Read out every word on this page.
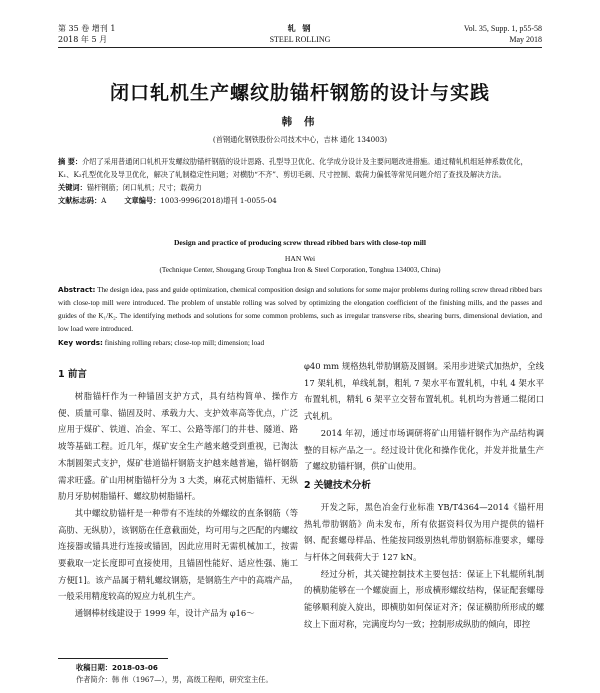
第 35 卷 增刊 1
2018 年 5 月
轧 钢
STEEL ROLLING
Vol. 35, Supp. 1, p55-58
May 2018
闭口轧机生产螺纹肋锚杆钢筋的设计与实践
韩 伟
(首钢通化钢铁股份公司技术中心，吉林 通化 134003)
摘 要：介绍了采用普通闭口轧机开发螺纹肋锚杆钢筋的设计思路、孔型导卫优化、化学成分设计及主要问题改进措施。通过精轧机组延伸系数优化，K₁、K₂孔型优化及导卫优化，解决了轧制稳定性问题；对横肋“不齐”、剪切毛刺、尺寸控制、载荷力偏低等常见问题介绍了查找及解决方法。
关键词：锚杆钢筋；闭口轧机；尺寸；载荷力
文献标志码：A	文章编号：1003-9996(2018)增刊 1-0055-04
Design and practice of producing screw thread ribbed bars with close-top mill
HAN Wei
(Technique Center, Shougang Group Tonghua Iron & Steel Corporation, Tonghua 134003, China)

Abstract: The design idea, pass and guide optimization, chemical composition design and solutions for some major problems during rolling screw thread ribbed bars with close-top mill were introduced. The problem of unstable rolling was solved by optimizing the elongation coefficient of the finishing mills, and the passes and guides of the K₁/K₂. The identifying methods and solutions for some common problems, such as irregular transverse ribs, shearing burrs, dimensional deviation, and low load were introduced.

Key words: finishing rolling rebars; close-top mill; dimension; load

1 前言

树脂锚杆作为一种锚固支护方式，具有结构简单、操作方便、质量可靠、锚固及时、承载力大、支护效率高等优点，广泛应用于煤矿、铁道、冶金、军工、公路等部门的井巷、隧道、路坡等基础工程。近几年，煤矿安全生产越来越受到重视，已淘汰木制圆架式支护，煤矿巷道锚杆钢筋支护越来越普遍，锚杆钢筋需求旺盛。矿山用树脂锚杆分为 3 大类，麻花式树脂锚杆、无纵肋月牙肋树脂锚杆、螺纹肋树脂锚杆。

其中螺纹肋锚杆是一种带有不连续的外螺纹的直条钢筋（等高肋、无纵肋），该钢筋在任意截面处，均可用与之匹配的内螺纹连接器或锚具进行连接或锚固，因此应用时无需机械加工，按需要截取一定长度即可直接使用，且锚固性能好、适应性强、施工方便[1]。该产品属于精轧螺纹钢筋，是钢筋生产中的高端产品，一般采用精度较高的短应力轧机生产。

通钢棒材线建设于 1999 年，设计产品为 φ16～

φ40 mm 规格热轧带肋钢筋及圆钢。采用步进梁式加热炉，全线 17 架轧机，单线轧制，粗轧 7 架水平布置轧机，中轧 4 架水平布置轧机，精轧 6 架平立交替布置轧机。轧机均为普通二辊闭口式轧机。

2014 年初，通过市场调研将矿山用锚杆钢作为产品结构调整的目标产品之一。经过设计优化和操作优化，并发并批量生产了螺纹肋锚杆钢，供矿山使用。

2 关键技术分析

开发之际，黑色冶金行业标准 YB/T4364—2014《锚杆用热轧带肋钢筋》尚未发布，所有依据资料仅为用户提供的锚杆钢、配套螺母样品、性能按同级别热轧带肋钢筋标准要求，螺母与杆体之间载荷大于 127 kN。

经过分析，其关键控制技术主要包括：保证上下轧辊所轧制的横肋能够在一个螺旋面上，形成横形螺纹结构，保证配套螺母能够顺利旋入旋出，即横肋如何保证对齐；保证横肋所形成的螺纹上下面对称，完满度均匀一致；控制形成纵肋的倾向，即控

收稿日期：2018-03-06
作者简介：韩 伟（1967—），男，高级工程师，研究室主任。
